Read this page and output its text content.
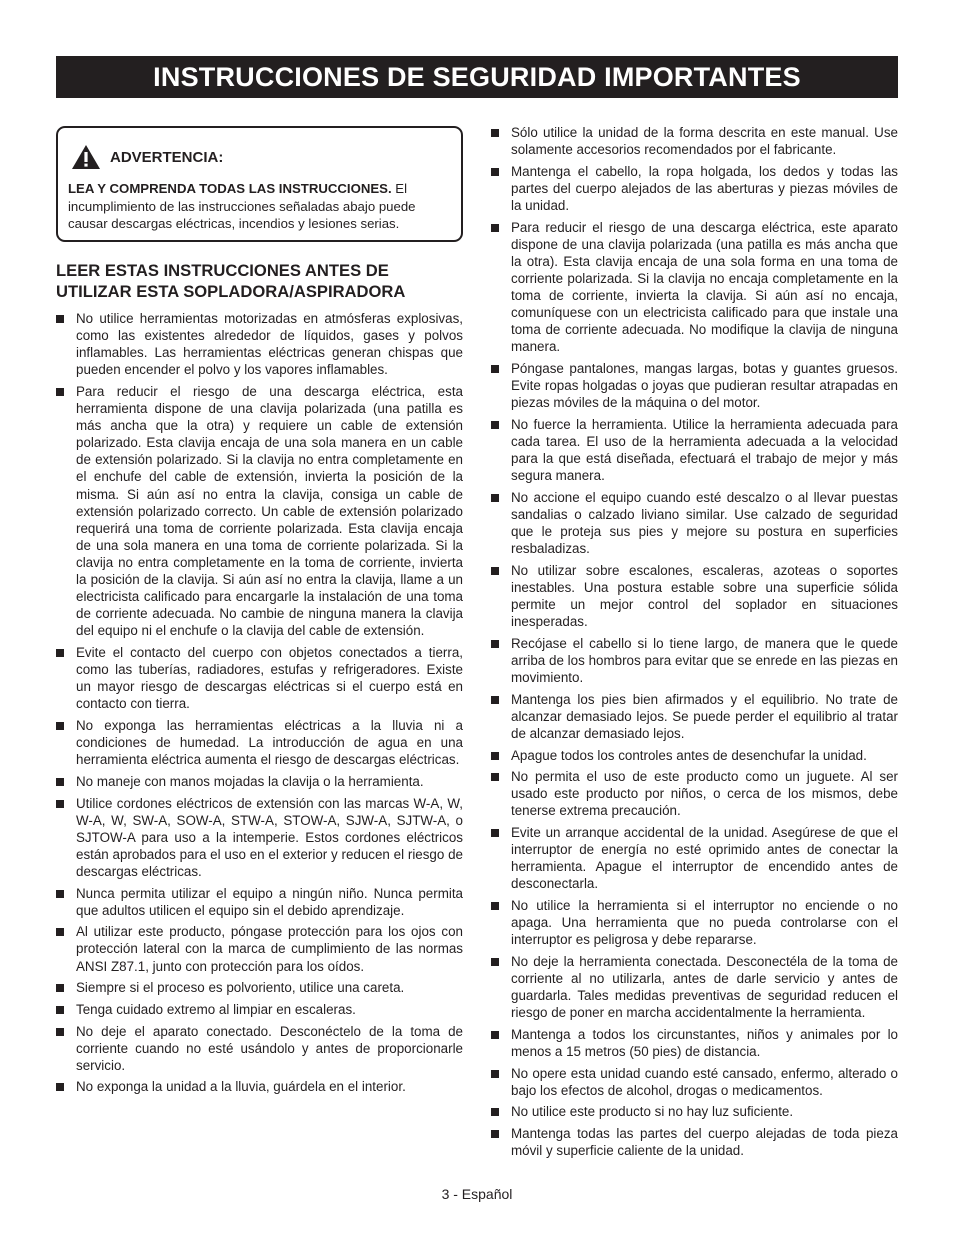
INSTRUCCIONES DE SEGURIDAD IMPORTANTES
ADVERTENCIA:
LEA Y COMPRENDA TODAS LAS INSTRUCCIONES. El incumplimiento de las instrucciones señaladas abajo puede causar descargas eléctricas, incendios y lesiones serias.
LEER ESTAS INSTRUCCIONES ANTES DE UTILIZAR ESTA SOPLADORA/ASPIRADORA
No utilice herramientas motorizadas en atmósferas explosivas, como las existentes alrededor de líquidos, gases y polvos inflamables. Las herramientas eléctricas generan chispas que pueden encender el polvo y los vapores inflamables.
Para reducir el riesgo de una descarga eléctrica, esta herramienta dispone de una clavija polarizada (una patilla es más ancha que la otra) y requiere un cable de extensión polarizado. Esta clavija encaja de una sola manera en un cable de extensión polarizado. Si la clavija no entra completamente en el enchufe del cable de extensión, invierta la posición de la misma. Si aún así no entra la clavija, consiga un cable de extensión polarizado correcto. Un cable de extensión polarizado requerirá una toma de corriente polarizada. Esta clavija encaja de una sola manera en una toma de corriente polarizada. Si la clavija no entra completamente en la toma de corriente, invierta la posición de la clavija. Si aún así no entra la clavija, llame a un electricista calificado para encargarle la instalación de una toma de corriente adecuada. No cambie de ninguna manera la clavija del equipo ni el enchufe o la clavija del cable de extensión.
Evite el contacto del cuerpo con objetos conectados a tierra, como las tuberías, radiadores, estufas y refrigeradores. Existe un mayor riesgo de descargas eléctricas si el cuerpo está en contacto con tierra.
No exponga las herramientas eléctricas a la lluvia ni a condiciones de humedad. La introducción de agua en una herramienta eléctrica aumenta el riesgo de descargas eléctricas.
No maneje con manos mojadas la clavija o la herramienta.
Utilice cordones eléctricos de extensión con las marcas W-A, W, W-A, W, SW-A, SOW-A, STW-A, STOW-A, SJW-A, SJTW-A, o SJTOW-A para uso a la intemperie. Estos cordones eléctricos están aprobados para el uso en el exterior y reducen el riesgo de descargas eléctricas.
Nunca permita utilizar el equipo a ningún niño. Nunca permita que adultos utilicen el equipo sin el debido aprendizaje.
Al utilizar este producto, póngase protección para los ojos con protección lateral con la marca de cumplimiento de las normas ANSI Z87.1, junto con protección para los oídos.
Siempre si el proceso es polvoriento, utilice una careta.
Tenga cuidado extremo al limpiar en escaleras.
No deje el aparato conectado. Desconéctelo de la toma de corriente cuando no esté usándolo y antes de proporcionarle servicio.
No exponga la unidad a la lluvia, guárdela en el interior.
Sólo utilice la unidad de la forma descrita en este manual. Use solamente accesorios recomendados por el fabricante.
Mantenga el cabello, la ropa holgada, los dedos y todas las partes del cuerpo alejados de las aberturas y piezas móviles de la unidad.
Para reducir el riesgo de una descarga eléctrica, este aparato dispone de una clavija polarizada (una patilla es más ancha que la otra). Esta clavija encaja de una sola forma en una toma de corriente polarizada. Si la clavija no encaja completamente en la toma de corriente, invierta la clavija. Si aún así no encaja, comuníquese con un electricista calificado para que instale una toma de corriente adecuada. No modifique la clavija de ninguna manera.
Póngase pantalones, mangas largas, botas y guantes gruesos. Evite ropas holgadas o joyas que pudieran resultar atrapadas en piezas móviles de la máquina o del motor.
No fuerce la herramienta. Utilice la herramienta adecuada para cada tarea. El uso de la herramienta adecuada a la velocidad para la que está diseñada, efectuará el trabajo de mejor y más segura manera.
No accione el equipo cuando esté descalzo o al llevar puestas sandalias o calzado liviano similar. Use calzado de seguridad que le proteja sus pies y mejore su postura en superficies resbaladizas.
No utilizar sobre escalones, escaleras, azoteas o soportes inestables. Una postura estable sobre una superficie sólida permite un mejor control del soplador en situaciones inesperadas.
Recójase el cabello si lo tiene largo, de manera que le quede arriba de los hombros para evitar que se enrede en las piezas en movimiento.
Mantenga los pies bien afirmados y el equilibrio. No trate de alcanzar demasiado lejos. Se puede perder el equilibrio al tratar de alcanzar demasiado lejos.
Apague todos los controles antes de desenchufar la unidad.
No permita el uso de este producto como un juguete. Al ser usado este producto por niños, o cerca de los mismos, debe tenerse extrema precaución.
Evite un arranque accidental de la unidad. Asegúrese de que el interruptor de energía no esté oprimido antes de conectar la herramienta. Apague el interruptor de encendido antes de desconectarla.
No utilice la herramienta si el interruptor no enciende o no apaga. Una herramienta que no pueda controlarse con el interruptor es peligrosa y debe repararse.
No deje la herramienta conectada. Desconectéla de la toma de corriente al no utilizarla, antes de darle servicio y antes de guardarla. Tales medidas preventivas de seguridad reducen el riesgo de poner en marcha accidentalmente la herramienta.
Mantenga a todos los circunstantes, niños y animales por lo menos a 15 metros (50 pies) de distancia.
No opere esta unidad cuando esté cansado, enfermo, alterado o bajo los efectos de alcohol, drogas o medicamentos.
No utilice este producto si no hay luz suficiente.
Mantenga todas las partes del cuerpo alejadas de toda pieza móvil y superficie caliente de la unidad.
3 - Español
